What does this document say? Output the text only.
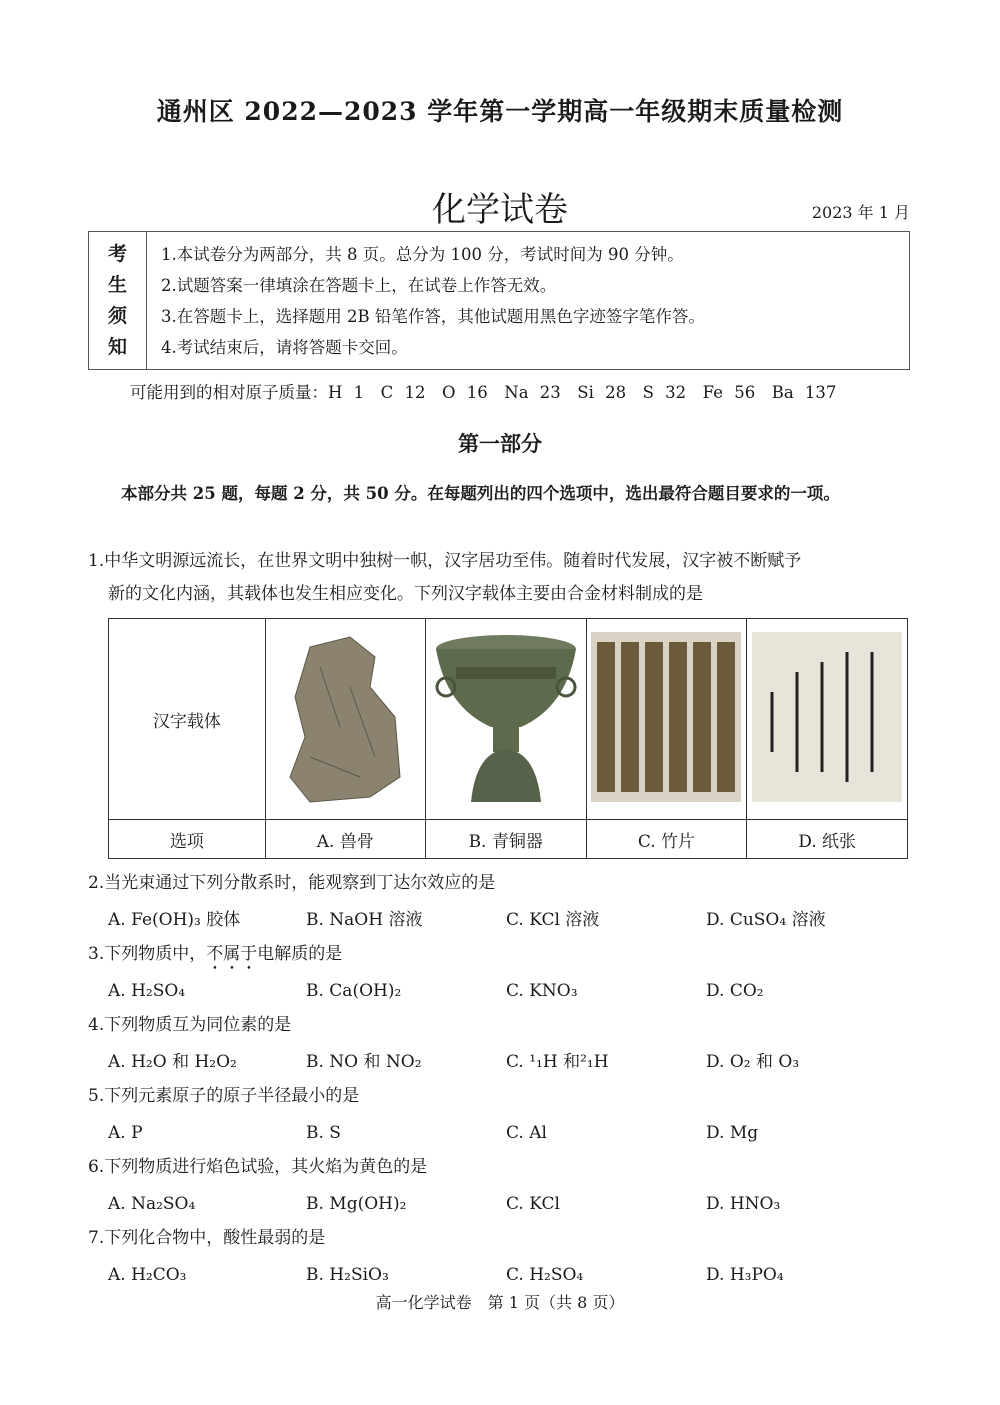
通州区 2022—2023 学年第一学期高一年级期末质量检测
化学试卷	2023 年 1 月
考
生
须
知
1.本试卷分为两部分，共 8 页。总分为 100 分，考试时间为 90 分钟。
2.试题答案一律填涂在答题卡上，在试卷上作答无效。
3.在答题卡上，选择题用 2B 铅笔作答，其他试题用黑色字迹签字笔作答。
4.考试结束后，请将答题卡交回。
可能用到的相对原子质量：H 1　C 12　O 16　Na 23　Si 28　S 32　Fe 56　Ba 137
第一部分
本部分共 25 题，每题 2 分，共 50 分。在每题列出的四个选项中，选出最符合题目要求的一项。
1.中华文明源远流长，在世界文明中独树一帜，汉字居功至伟。随着时代发展，汉字被不断赋予
新的文化内涵，其载体也发生相应变化。下列汉字载体主要由合金材料制成的是
汉字载体				
选项	A. 兽骨	B. 青铜器	C. 竹片	D. 纸张
2.当光束通过下列分散系时，能观察到丁达尔效应的是
A. Fe(OH)₃ 胶体	B. NaOH 溶液	C. KCl 溶液	D. CuSO₄ 溶液
3.下列物质中，不属于电解质的是
A. H₂SO₄	B. Ca(OH)₂	C. KNO₃	D. CO₂
4.下列物质互为同位素的是
A. H₂O 和 H₂O₂	B. NO 和 NO₂	C. ¹₁H 和²₁H	D. O₂ 和 O₃
5.下列元素原子的原子半径最小的是
A. P	B. S	C. Al	D. Mg
6.下列物质进行焰色试验，其火焰为黄色的是
A. Na₂SO₄	B. Mg(OH)₂	C. KCl	D. HNO₃
7.下列化合物中，酸性最弱的是
A. H₂CO₃	B. H₂SiO₃	C. H₂SO₄	D. H₃PO₄
高一化学试卷　第 1 页（共 8 页）
